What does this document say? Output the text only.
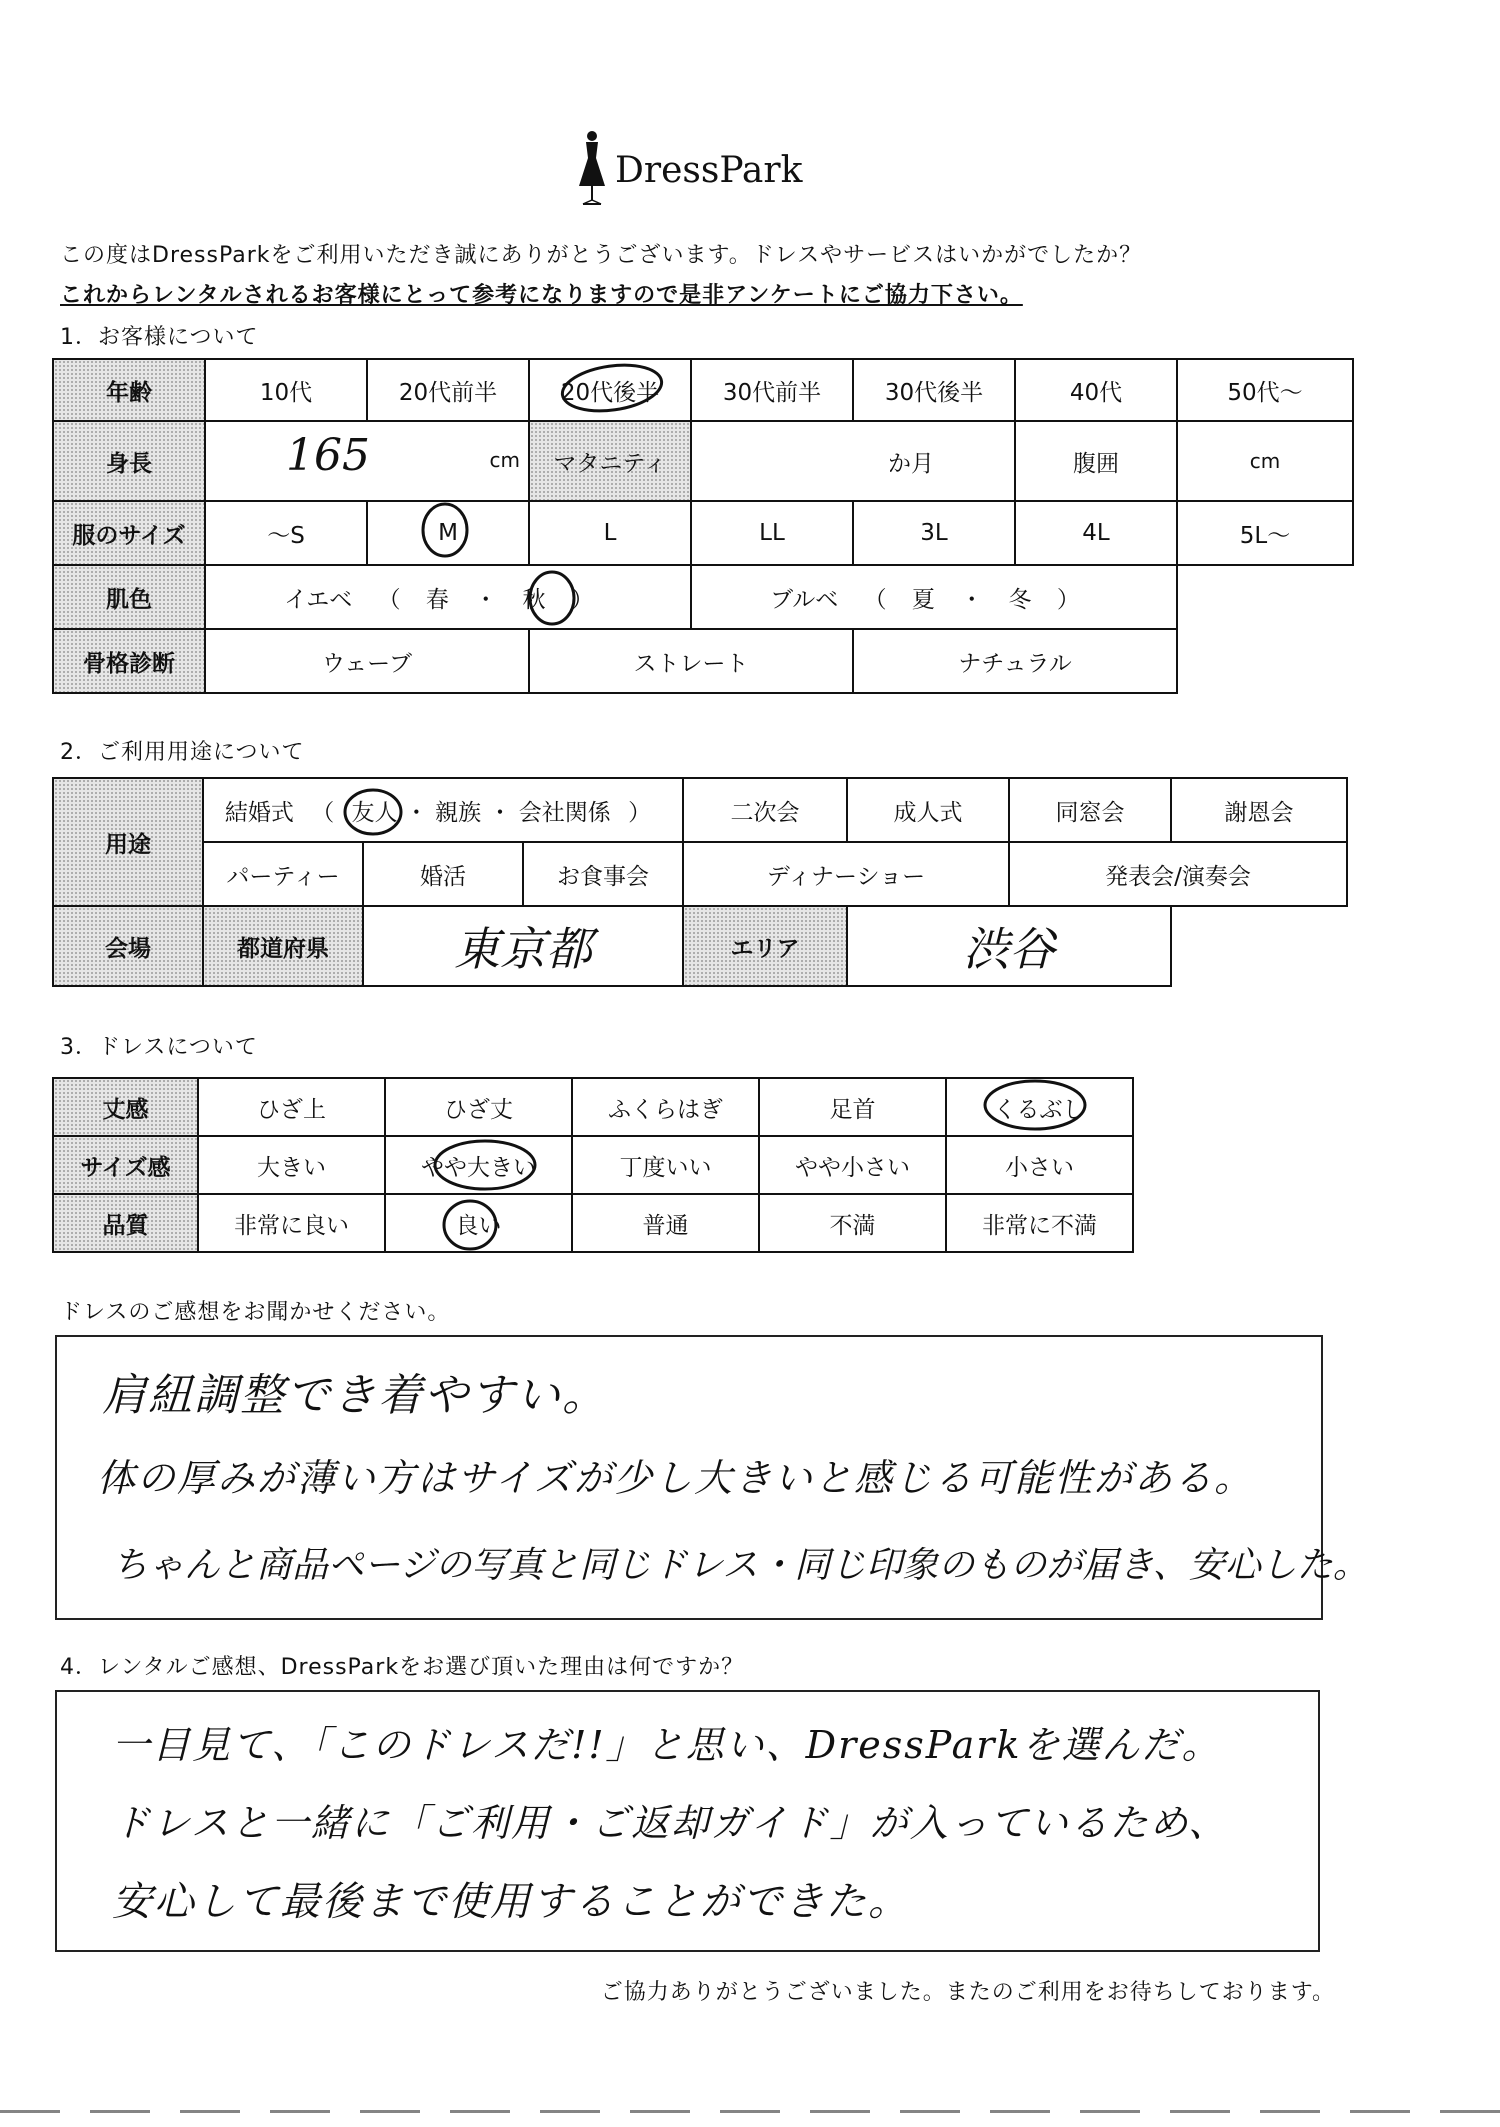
DressPark
この度はDressParkをご利用いただき誠にありがとうございます。ドレスやサービスはいかがでしたか？
これからレンタルされるお客様にとって参考になりますので是非アンケートにご協力下さい。
1．お客様について
年齢	10代	20代前半	20代後半	30代前半	30代後半	40代	50代～
身長	165 cm		マタニティ	か月		腹囲	cm
服のサイズ	～S	M	L	LL	3L	4L	5L～
肌色	イエベ （ 春 ・ 秋 ）			ブルベ （ 夏 ・ 冬 ）			
骨格診断	ウェーブ		ストレート		ナチュラル		
2．ご利用用途について
用途	結婚式 （ 友人 ・ 親族 ・ 会社関係 ）			二次会	成人式	同窓会	謝恩会
	パーティー	婚活	お食事会	ディナーショー		発表会/演奏会	
会場	都道府県	東京都		エリア	渋谷		
3．ドレスについて
丈感	ひざ上	ひざ丈	ふくらはぎ	足首	くるぶし
サイズ感	大きい	やや大きい	丁度いい	やや小さい	小さい
品質	非常に良い	良い	普通	不満	非常に不満
ドレスのご感想をお聞かせください。
肩紐調整でき着やすい。
体の厚みが薄い方はサイズが少し大きいと感じる可能性がある。
ちゃんと商品ページの写真と同じドレス・同じ印象のものが届き、安心した。
4．レンタルご感想、DressParkをお選び頂いた理由は何ですか？
一目見て、「このドレスだ!!」と思い、DressParkを選んだ。
ドレスと一緒に「ご利用・ご返却ガイド」が入っているため、
安心して最後まで使用することができた。
ご協力ありがとうございました。またのご利用をお待ちしております。
